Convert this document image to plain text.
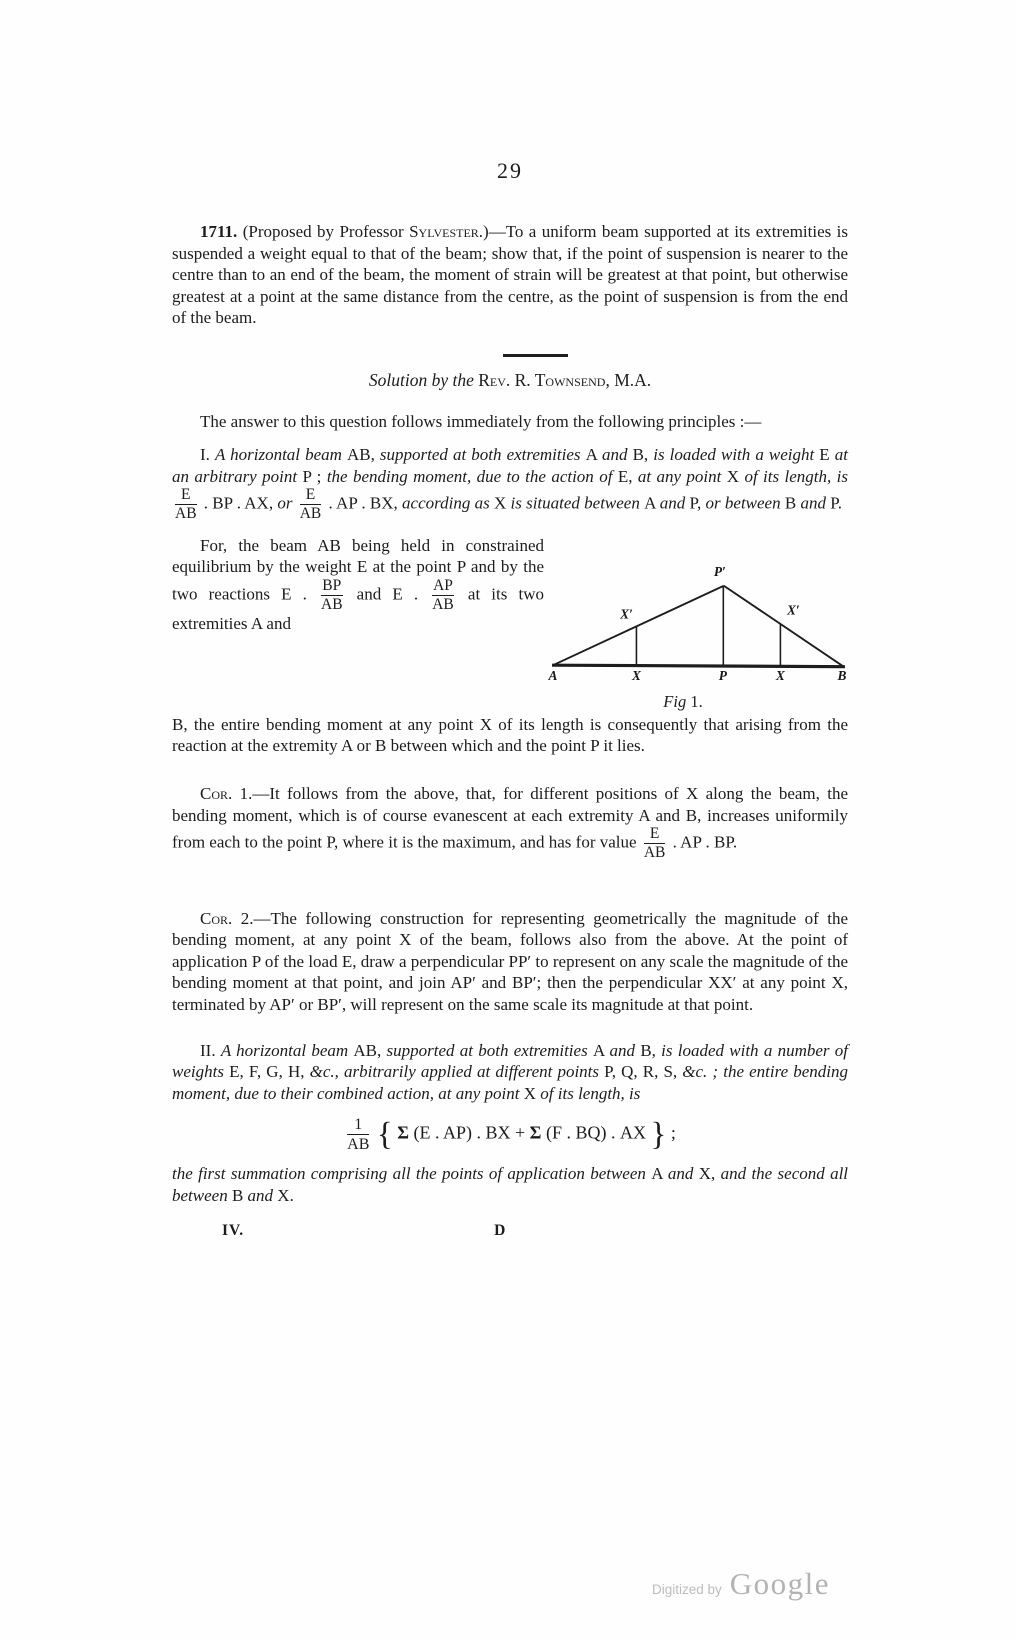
29

1711. (Proposed by Professor Sylvester.)—To a uniform beam supported at its extremities is suspended a weight equal to that of the beam; show that, if the point of suspension is nearer to the centre than to an end of the beam, the moment of strain will be greatest at that point, but otherwise greatest at a point at the same distance from the centre, as the point of suspension is from the end of the beam.

Solution by the Rev. R. Townsend, M.A.

The answer to this question follows immediately from the following principles :—

I. A horizontal beam AB, supported at both extremities A and B, is loaded with a weight E at an arbitrary point P ; the bending moment, due to the action of E, at any point X of its length, is
$\frac{E}{AB}$ . BP . AX, or $\frac{E}{AB}$ . AP . BX, according as X is situated between A and P, or between B and P.

For, the beam AB being held in constrained equilibrium by the weight E at the point P and by the two reactions E . $\frac{BP}{AB}$ and E . $\frac{AP}{AB}$ at its two extremities A and

A	X	P	X	B
X′
P′
X′
Fig 1.

B, the entire bending moment at any point X of its length is consequently that arising from the reaction at the extremity A or B between which and the point P it lies.

Cor. 1.—It follows from the above, that, for different positions of X along the beam, the bending moment, which is of course evanescent at each extremity A and B, increases uniformily from each to the point P, where it is the maximum, and has for value $\frac{E}{AB}$ . AP . BP.

Cor. 2.—The following construction for representing geometrically the magnitude of the bending moment, at any point X of the beam, follows also from the above. At the point of application P of the load E, draw a perpendicular PP′ to represent on any scale the magnitude of the bending moment at that point, and join AP′ and BP′; then the perpendicular XX′ at any point X, terminated by AP′ or BP′, will represent on the same scale its magnitude at that point.

II. A horizontal beam AB, supported at both extremities A and B, is loaded with a number of weights E, F, G, H, &c., arbitrarily applied at different points P, Q, R, S, &c. ; the entire bending moment, due to their combined action, at any point X of its length, is

$\frac{1}{AB}$ { Σ (E . AP) . BX + Σ (F . BQ) . AX } ;

the first summation comprising all the points of application between A and X, and the second all between B and X.

IV.	D
Digitized by Google
